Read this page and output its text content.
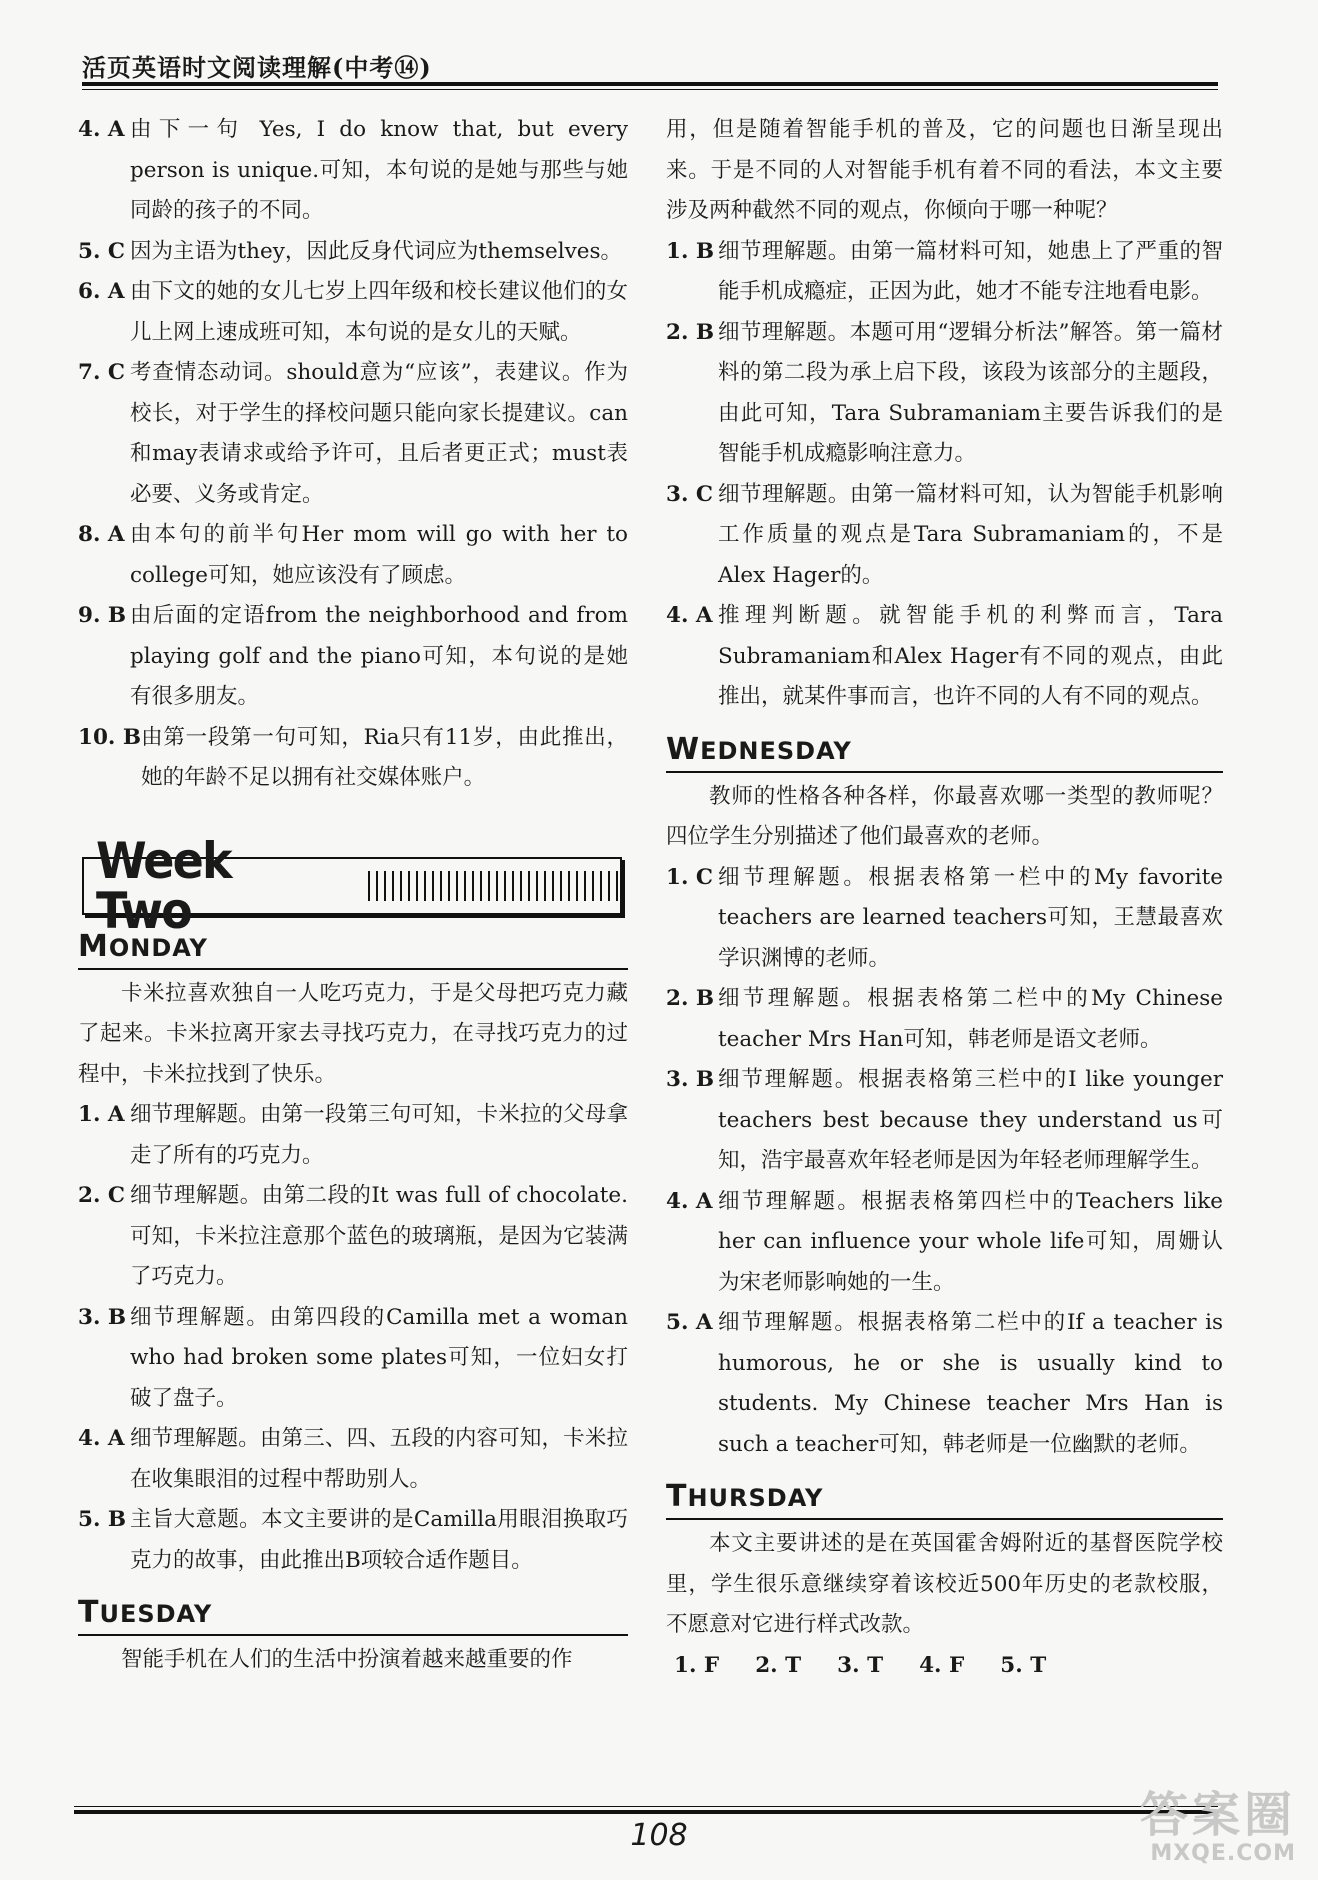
活页英语时文阅读理解(中考⑭)
4. A 由下一句 Yes, I do know that, but every person is unique.可知，本句说的是她与那些与她同龄的孩子的不同。
5. C 因为主语为they，因此反身代词应为themselves。
6. A 由下文的她的女儿七岁上四年级和校长建议他们的女儿上网上速成班可知，本句说的是女儿的天赋。
7. C 考查情态动词。should意为“应该”，表建议。作为校长，对于学生的择校问题只能向家长提建议。can和may表请求或给予许可，且后者更正式；must表必要、义务或肯定。
8. A 由本句的前半句Her mom will go with her to college可知，她应该没有了顾虑。
9. B 由后面的定语from the neighborhood and from playing golf and the piano可知，本句说的是她有很多朋友。
10. B 由第一段第一句可知，Ria只有11岁，由此推出，她的年龄不足以拥有社交媒体账户。
Week Two
MONDAY
卡米拉喜欢独自一人吃巧克力，于是父母把巧克力藏了起来。卡米拉离开家去寻找巧克力，在寻找巧克力的过程中，卡米拉找到了快乐。
1. A 细节理解题。由第一段第三句可知，卡米拉的父母拿走了所有的巧克力。
2. C 细节理解题。由第二段的It was full of chocolate.可知，卡米拉注意那个蓝色的玻璃瓶，是因为它装满了巧克力。
3. B 细节理解题。由第四段的Camilla met a woman who had broken some plates可知，一位妇女打破了盘子。
4. A 细节理解题。由第三、四、五段的内容可知，卡米拉在收集眼泪的过程中帮助别人。
5. B 主旨大意题。本文主要讲的是Camilla用眼泪换取巧克力的故事，由此推出B项较合适作题目。
TUESDAY
智能手机在人们的生活中扮演着越来越重要的作
用，但是随着智能手机的普及，它的问题也日渐呈现出来。于是不同的人对智能手机有着不同的看法，本文主要涉及两种截然不同的观点，你倾向于哪一种呢？
1. B 细节理解题。由第一篇材料可知，她患上了严重的智能手机成瘾症，正因为此，她才不能专注地看电影。
2. B 细节理解题。本题可用“逻辑分析法”解答。第一篇材料的第二段为承上启下段，该段为该部分的主题段，由此可知，Tara Subramaniam主要告诉我们的是智能手机成瘾影响注意力。
3. C 细节理解题。由第一篇材料可知，认为智能手机影响工作质量的观点是Tara Subramaniam的，不是Alex Hager的。
4. A 推理判断题。就智能手机的利弊而言，Tara Subramaniam和Alex Hager有不同的观点，由此推出，就某件事而言，也许不同的人有不同的观点。
WEDNESDAY
教师的性格各种各样，你最喜欢哪一类型的教师呢？四位学生分别描述了他们最喜欢的老师。
1. C 细节理解题。根据表格第一栏中的My favorite teachers are learned teachers可知，王慧最喜欢学识渊博的老师。
2. B 细节理解题。根据表格第二栏中的My Chinese teacher Mrs Han可知，韩老师是语文老师。
3. B 细节理解题。根据表格第三栏中的I like younger teachers best because they understand us可知，浩宇最喜欢年轻老师是因为年轻老师理解学生。
4. A 细节理解题。根据表格第四栏中的Teachers like her can influence your whole life可知，周姗认为宋老师影响她的一生。
5. A 细节理解题。根据表格第二栏中的If a teacher is humorous, he or she is usually kind to students. My Chinese teacher Mrs Han is such a teacher可知，韩老师是一位幽默的老师。
THURSDAY
本文主要讲述的是在英国霍舍姆附近的基督医院学校里，学生很乐意继续穿着该校近500年历史的老款校服，不愿意对它进行样式改款。
1. F 2. T 3. T 4. F 5. T
108	答案圈
MXQE.COM
